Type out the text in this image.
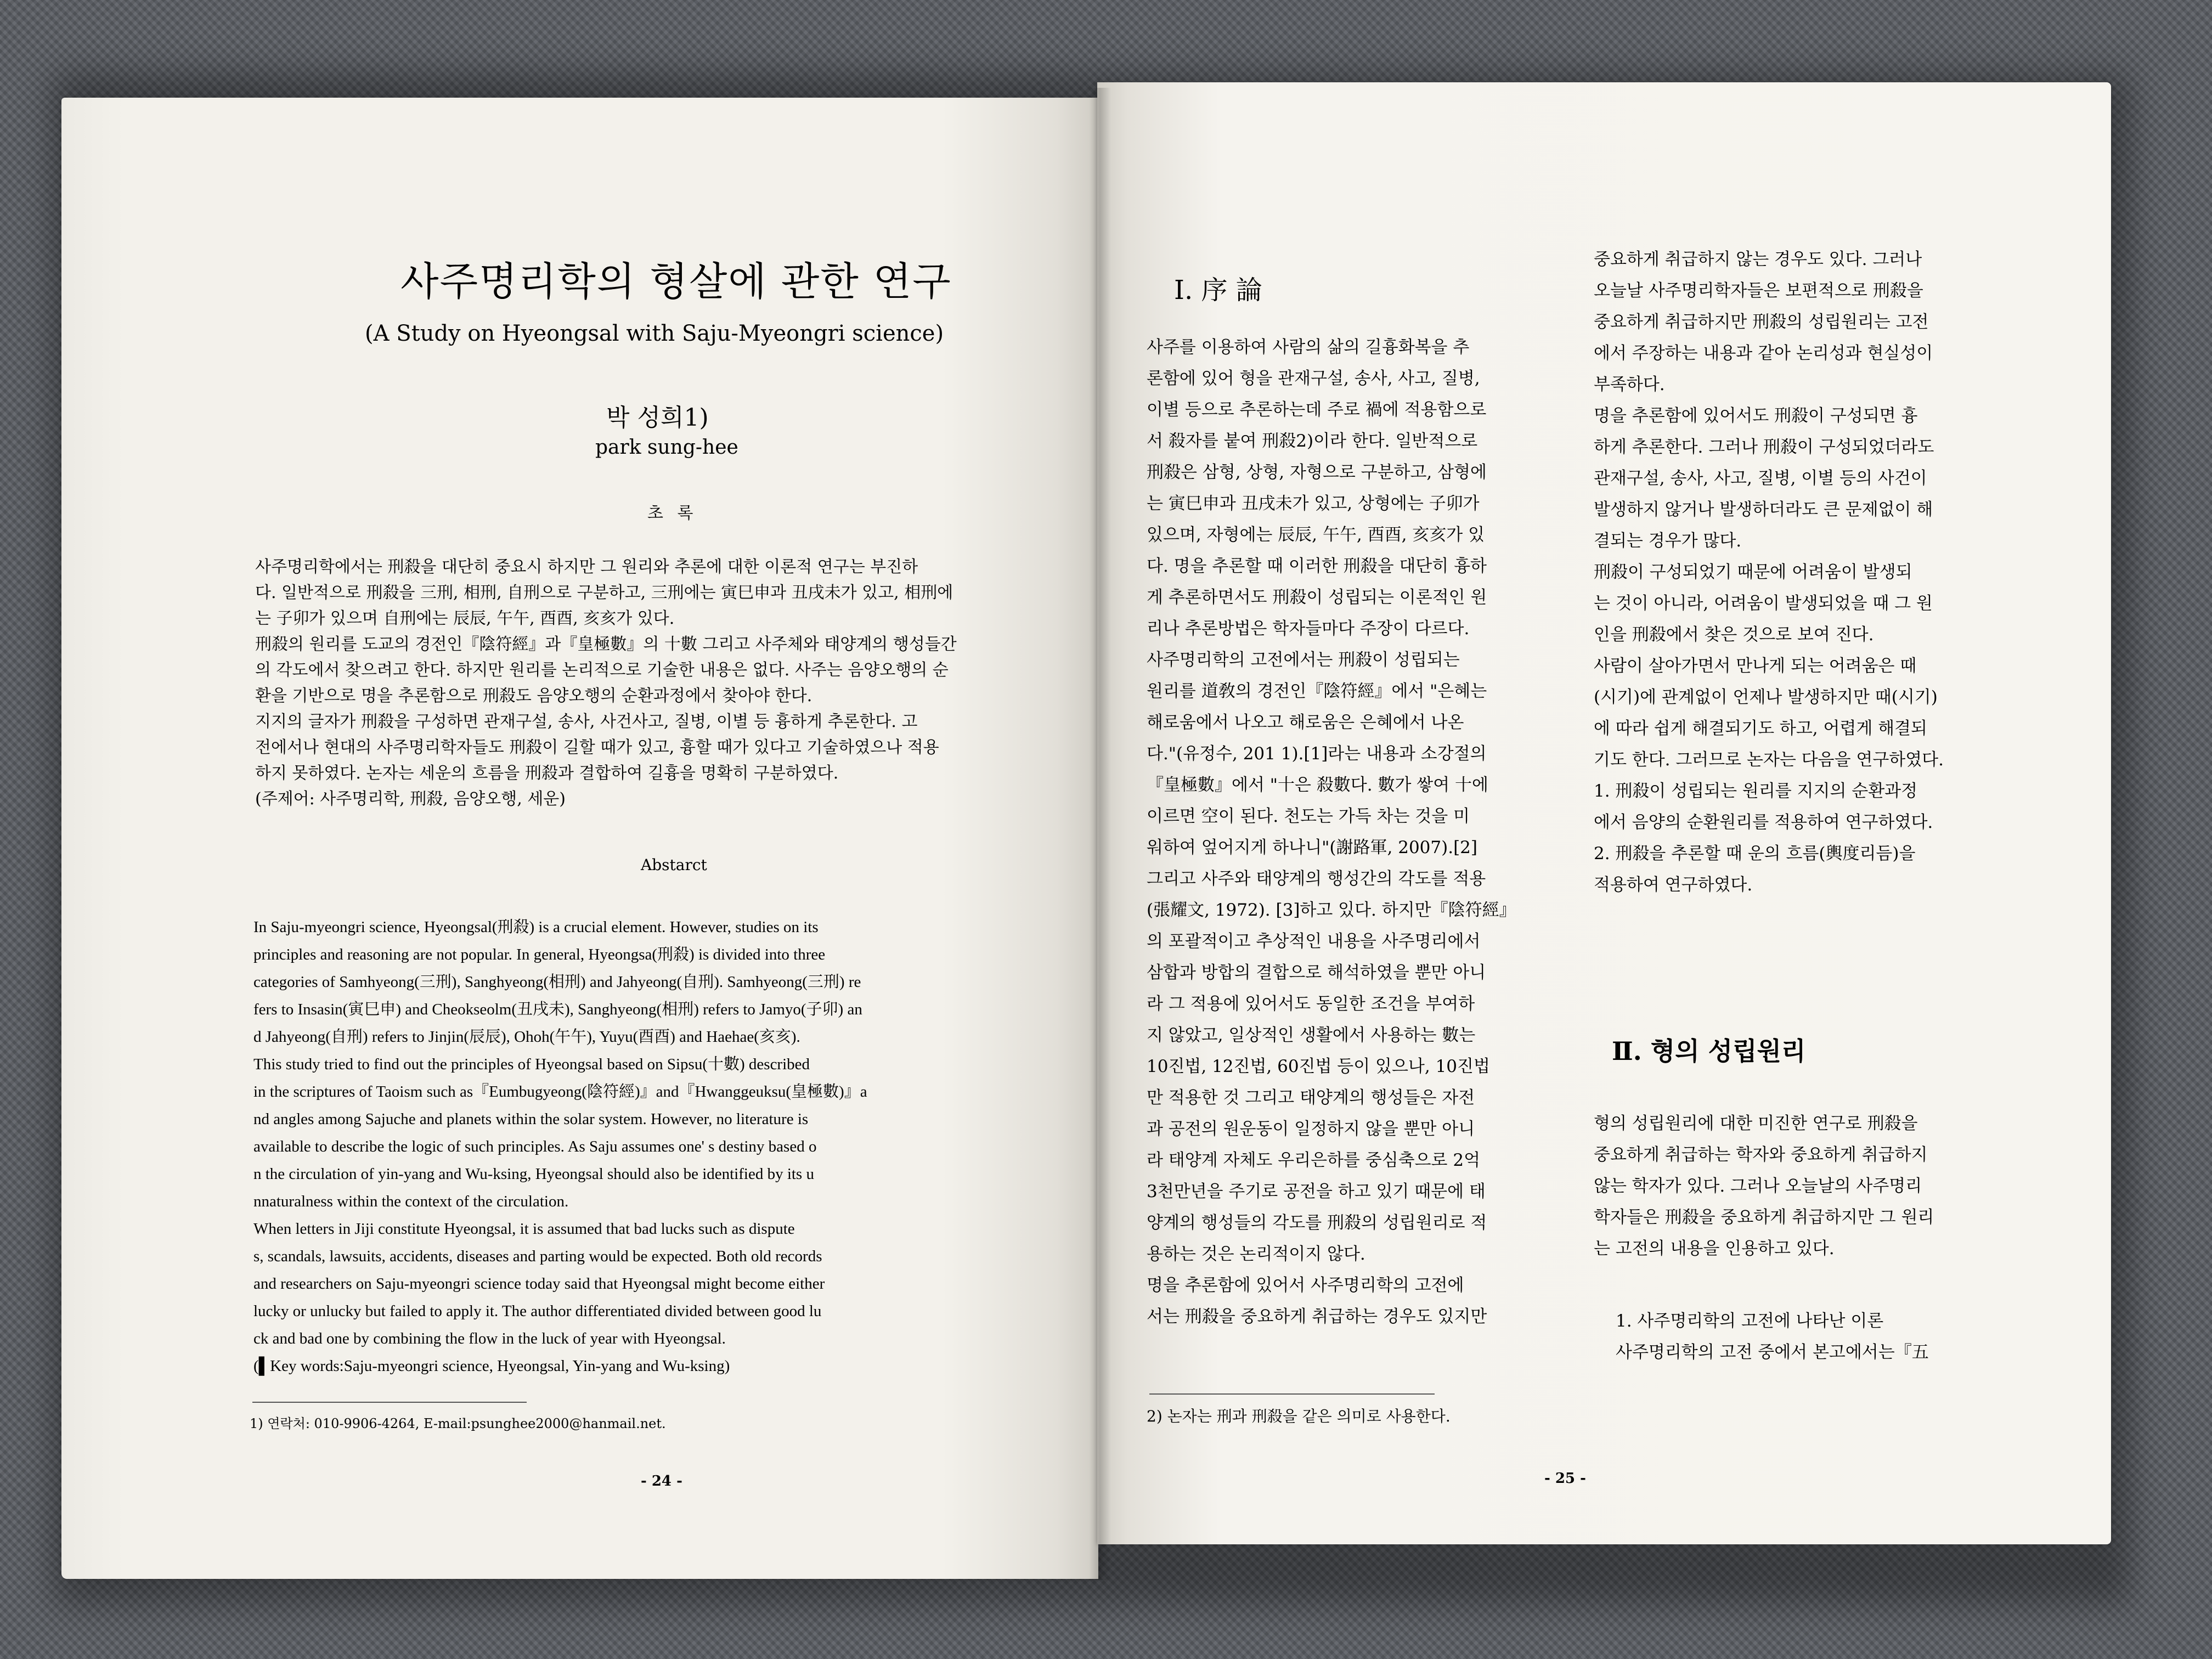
사주명리학의 형살에 관한 연구
(A Study on Hyeongsal with Saju-Myeongri science)
박 성희1)
park sung-hee
초 록
사주명리학에서는 刑殺을 대단히 중요시 하지만 그 원리와 추론에 대한 이론적 연구는 부진하
다. 일반적으로 刑殺을 三刑, 相刑, 自刑으로 구분하고, 三刑에는 寅巳申과 丑戌未가 있고, 相刑에
는 子卯가 있으며 自刑에는 辰辰, 午午, 酉酉, 亥亥가 있다.
刑殺의 원리를 도교의 경전인『陰符經』과『皇極數』의 十數 그리고 사주체와 태양계의 행성들간
의 각도에서 찾으려고 한다. 하지만 원리를 논리적으로 기술한 내용은 없다. 사주는 음양오행의 순
환을 기반으로 명을 추론함으로 刑殺도 음양오행의 순환과정에서 찾아야 한다.
지지의 글자가 刑殺을 구성하면 관재구설, 송사, 사건사고, 질병, 이별 등 흉하게 추론한다. 고
전에서나 현대의 사주명리학자들도 刑殺이 길할 때가 있고, 흉할 때가 있다고 기술하였으나 적용
하지 못하였다. 논자는 세운의 흐름을 刑殺과 결합하여 길흉을 명확히 구분하였다.
(주제어: 사주명리학, 刑殺, 음양오행, 세운)
Abstarct
In Saju-myeongri science, Hyeongsal(刑殺) is a crucial element. However, studies on its
principles and reasoning are not popular. In general, Hyeongsa(刑殺) is divided into three
categories of Samhyeong(三刑), Sanghyeong(相刑) and Jahyeong(自刑). Samhyeong(三刑) re
fers to Insasin(寅巳申) and Cheokseolm(丑戌未), Sanghyeong(相刑) refers to Jamyo(子卯) an
d Jahyeong(自刑) refers to Jinjin(辰辰), Ohoh(午午), Yuyu(酉酉) and Haehae(亥亥).
This study tried to find out the principles of Hyeongsal based on Sipsu(十數) described
in the scriptures of Taoism such as『Eumbugyeong(陰符經)』and『Hwanggeuksu(皇極數)』a
nd angles among Sajuche and planets within the solar system. However, no literature is
available to describe the logic of such principles. As Saju assumes one' s destiny based o
n the circulation of yin-yang and Wu-ksing, Hyeongsal should also be identified by its u
nnaturalness within the context of the circulation.
When letters in Jiji constitute Hyeongsal, it is assumed that bad lucks such as dispute
s, scandals, lawsuits, accidents, diseases and parting would be expected. Both old records
and researchers on Saju-myeongri science today said that Hyeongsal might become either
lucky or unlucky but failed to apply it. The author differentiated divided between good lu
ck and bad one by combining the flow in the luck of year with Hyeongsal.
(▌Key words:Saju-myeongri science, Hyeongsal, Yin-yang and Wu-ksing)
1) 연락처: 010-9906-4264, E-mail:psunghee2000@hanmail.net.
- 24 -
Ⅰ. 序 論
사주를 이용하여 사람의 삶의 길흉화복을 추
론함에 있어 형을 관재구설, 송사, 사고, 질병,
이별 등으로 추론하는데 주로 禍에 적용함으로
서 殺자를 붙여 刑殺2)이라 한다. 일반적으로
刑殺은 삼형, 상형, 자형으로 구분하고, 삼형에
는 寅巳申과 丑戌未가 있고, 상형에는 子卯가
있으며, 자형에는 辰辰, 午午, 酉酉, 亥亥가 있
다. 명을 추론할 때 이러한 刑殺을 대단히 흉하
게 추론하면서도 刑殺이 성립되는 이론적인 원
리나 추론방법은 학자들마다 주장이 다르다.
사주명리학의 고전에서는 刑殺이 성립되는
원리를 道敎의 경전인『陰符經』에서 "은혜는
해로움에서 나오고 해로움은 은혜에서 나온
다."(유정수, 201 1).[1]라는 내용과 소강절의
『皇極數』에서 "十은 殺數다. 數가 쌓여 十에
이르면 空이 된다. 천도는 가득 차는 것을 미
워하여 엎어지게 하나니"(謝路軍, 2007).[2]
그리고 사주와 태양계의 행성간의 각도를 적용
(張耀文, 1972). [3]하고 있다. 하지만『陰符經』
의 포괄적이고 추상적인 내용을 사주명리에서
삼합과 방합의 결합으로 해석하였을 뿐만 아니
라 그 적용에 있어서도 동일한 조건을 부여하
지 않았고, 일상적인 생활에서 사용하는 數는
10진법, 12진법, 60진법 등이 있으나, 10진법
만 적용한 것 그리고 태양계의 행성들은 자전
과 공전의 원운동이 일정하지 않을 뿐만 아니
라 태양계 자체도 우리은하를 중심축으로 2억
3천만년을 주기로 공전을 하고 있기 때문에 태
양계의 행성들의 각도를 刑殺의 성립원리로 적
용하는 것은 논리적이지 않다.
명을 추론함에 있어서 사주명리학의 고전에
서는 刑殺을 중요하게 취급하는 경우도 있지만
중요하게 취급하지 않는 경우도 있다. 그러나
오늘날 사주명리학자들은 보편적으로 刑殺을
중요하게 취급하지만 刑殺의 성립원리는 고전
에서 주장하는 내용과 같아 논리성과 현실성이
부족하다.
명을 추론함에 있어서도 刑殺이 구성되면 흉
하게 추론한다. 그러나 刑殺이 구성되었더라도
관재구설, 송사, 사고, 질병, 이별 등의 사건이
발생하지 않거나 발생하더라도 큰 문제없이 해
결되는 경우가 많다.
刑殺이 구성되었기 때문에 어려움이 발생되
는 것이 아니라, 어려움이 발생되었을 때 그 원
인을 刑殺에서 찾은 것으로 보여 진다.
사람이 살아가면서 만나게 되는 어려움은 때
(시기)에 관계없이 언제나 발생하지만 때(시기)
에 따라 쉽게 해결되기도 하고, 어렵게 해결되
기도 한다. 그러므로 논자는 다음을 연구하였다.
1. 刑殺이 성립되는 원리를 지지의 순환과정
에서 음양의 순환원리를 적용하여 연구하였다.
2. 刑殺을 추론할 때 운의 흐름(輿度리듬)을
적용하여 연구하였다.
Ⅱ. 형의 성립원리
형의 성립원리에 대한 미진한 연구로 刑殺을
중요하게 취급하는 학자와 중요하게 취급하지
않는 학자가 있다. 그러나 오늘날의 사주명리
학자들은 刑殺을 중요하게 취급하지만 그 원리
는 고전의 내용을 인용하고 있다.
1. 사주명리학의 고전에 나타난 이론
사주명리학의 고전 중에서 본고에서는『五
2) 논자는 刑과 刑殺을 같은 의미로 사용한다.
- 25 -
